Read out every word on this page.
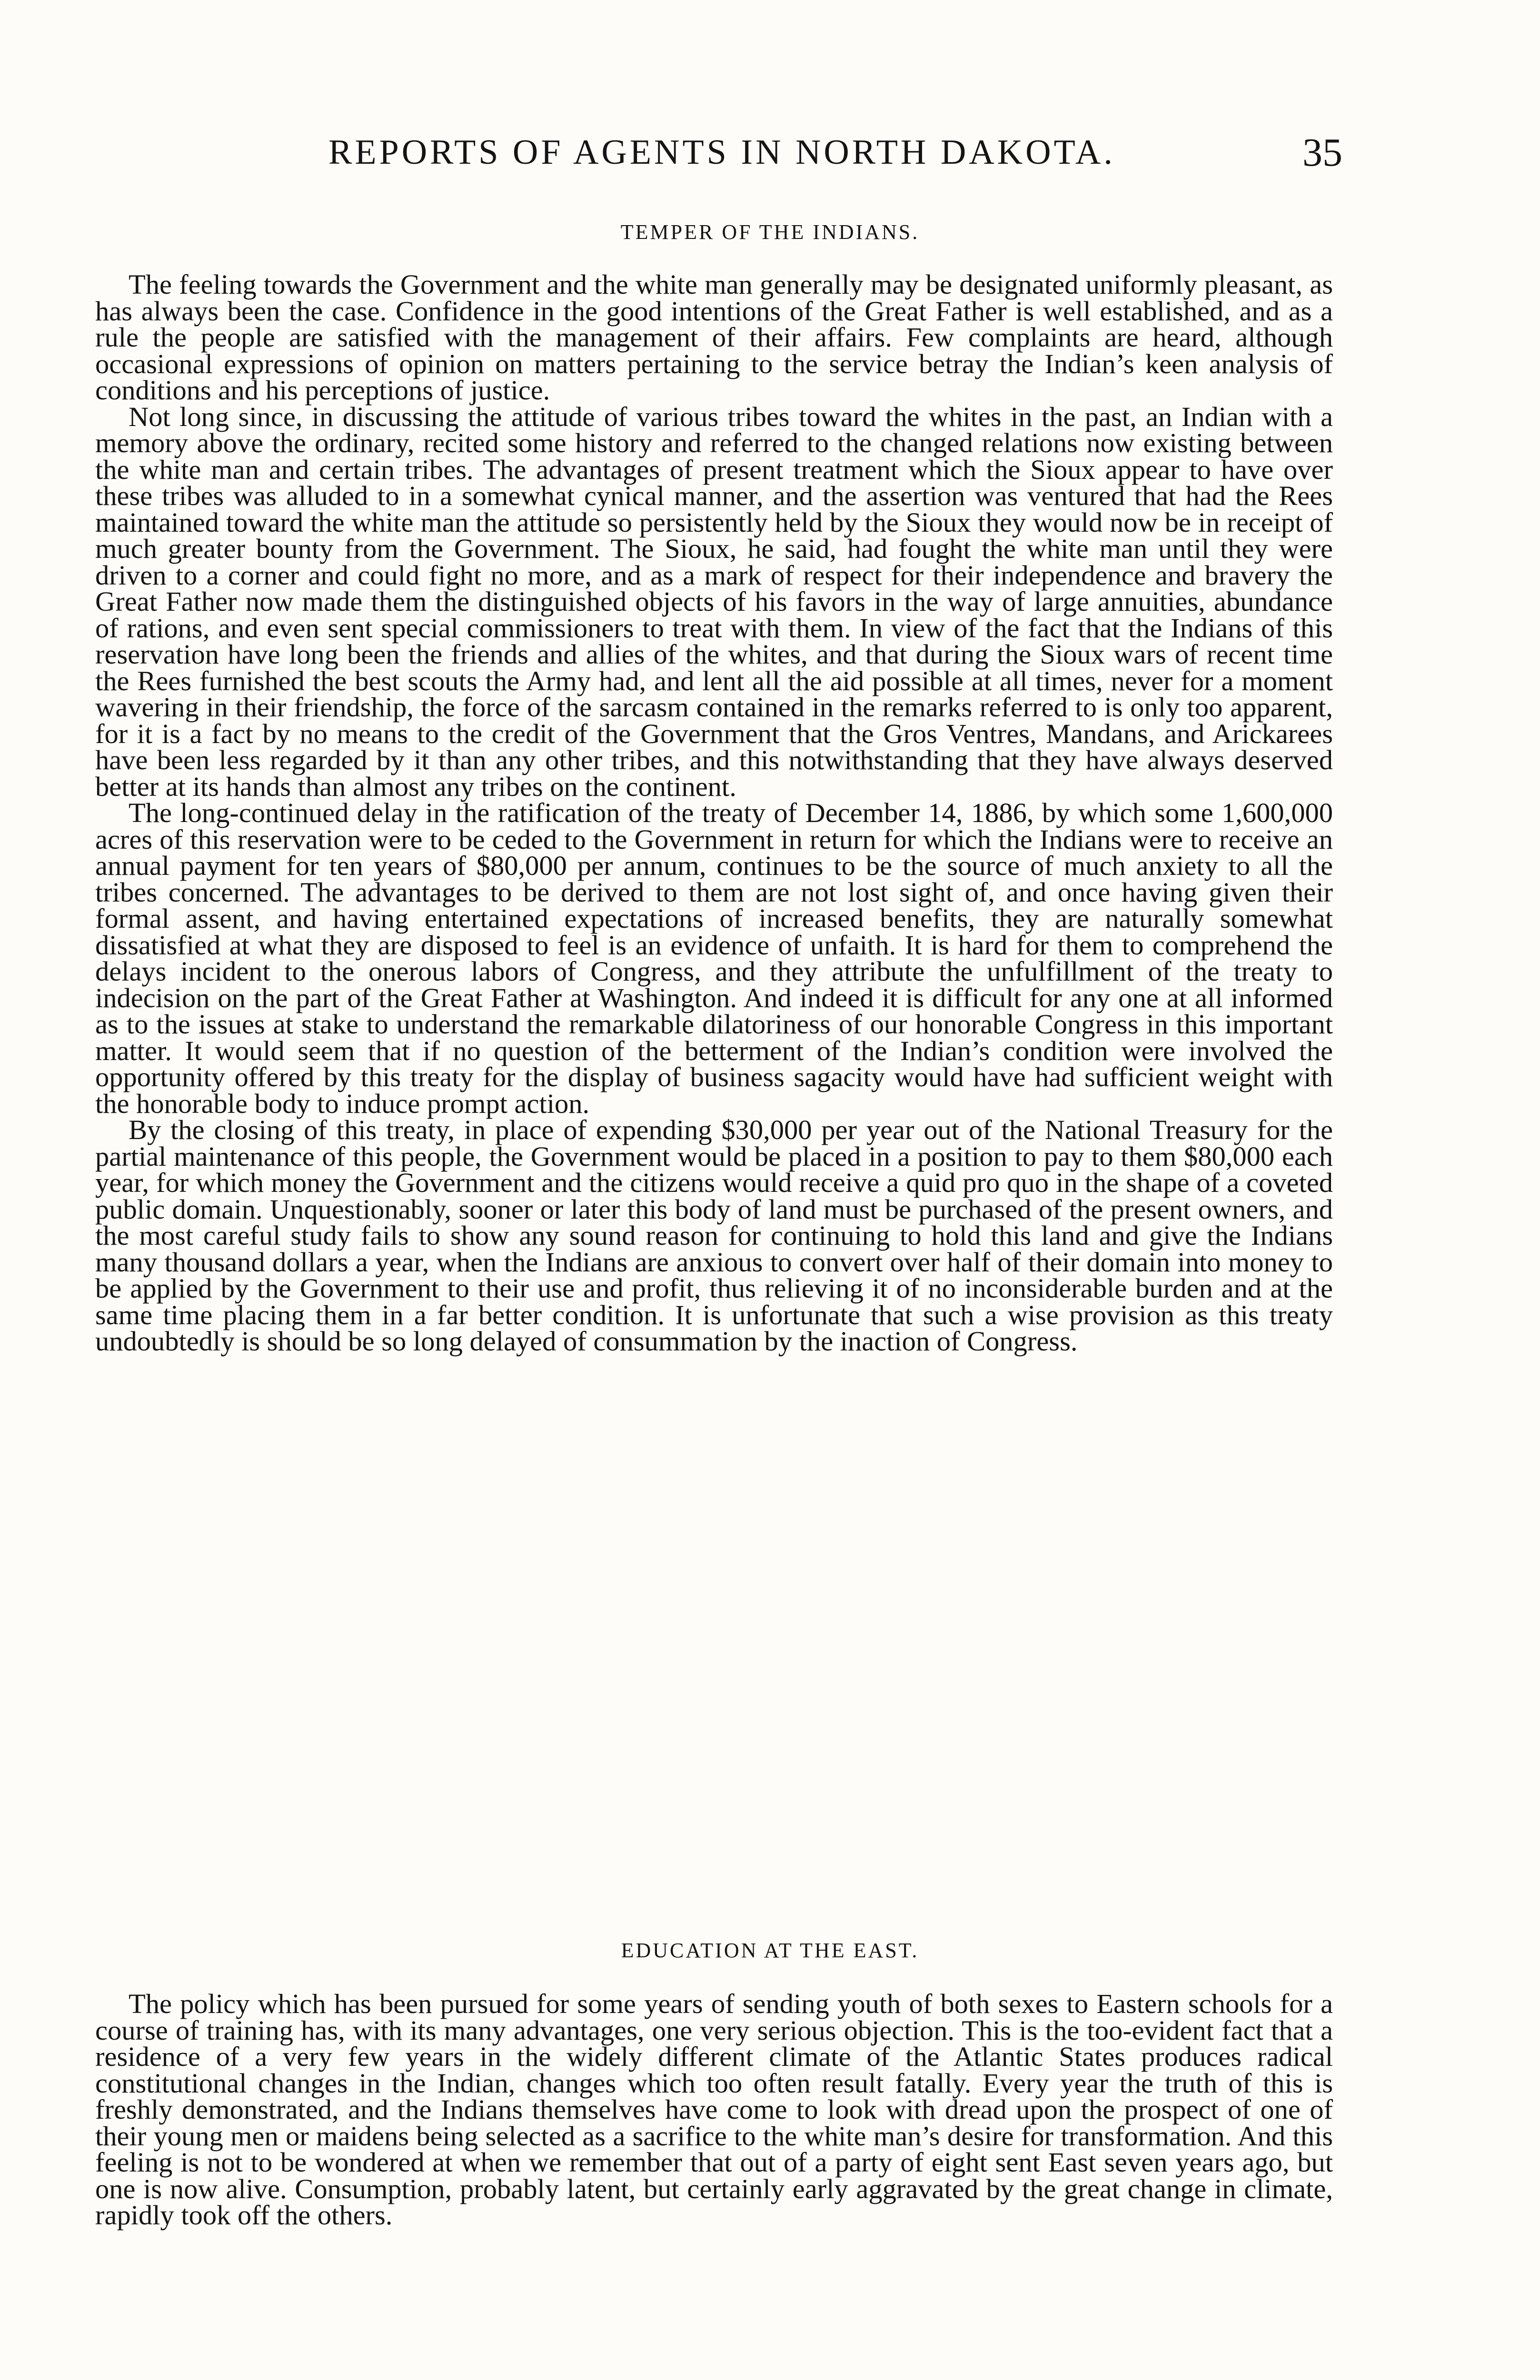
REPORTS OF AGENTS IN NORTH DAKOTA.	35
TEMPER OF THE INDIANS.

The feeling towards the Government and the white man generally may be designated uniformly pleasant, as has always been the case. Confidence in the good intentions of the Great Father is well established, and as a rule the people are satisfied with the management of their affairs. Few complaints are heard, although occasional expressions of opinion on matters pertaining to the service betray the Indian’s keen analysis of conditions and his perceptions of justice.

Not long since, in discussing the attitude of various tribes toward the whites in the past, an Indian with a memory above the ordinary, recited some history and referred to the changed relations now existing between the white man and certain tribes. The advantages of present treatment which the Sioux appear to have over these tribes was alluded to in a somewhat cynical manner, and the assertion was ventured that had the Rees maintained toward the white man the attitude so persistently held by the Sioux they would now be in receipt of much greater bounty from the Government. The Sioux, he said, had fought the white man until they were driven to a corner and could fight no more, and as a mark of respect for their independence and bravery the Great Father now made them the distinguished objects of his favors in the way of large annuities, abundance of rations, and even sent special commissioners to treat with them. In view of the fact that the Indians of this reservation have long been the friends and allies of the whites, and that during the Sioux wars of recent time the Rees furnished the best scouts the Army had, and lent all the aid possible at all times, never for a moment wavering in their friendship, the force of the sarcasm contained in the remarks referred to is only too apparent, for it is a fact by no means to the credit of the Government that the Gros Ventres, Mandans, and Arickarees have been less regarded by it than any other tribes, and this notwithstanding that they have always deserved better at its hands than almost any tribes on the continent.

The long-continued delay in the ratification of the treaty of December 14, 1886, by which some 1,600,000 acres of this reservation were to be ceded to the Government in return for which the Indians were to receive an annual payment for ten years of $80,000 per annum, continues to be the source of much anxiety to all the tribes concerned. The advantages to be derived to them are not lost sight of, and once having given their formal assent, and having entertained expectations of increased benefits, they are naturally somewhat dissatisfied at what they are disposed to feel is an evidence of unfaith. It is hard for them to comprehend the delays incident to the onerous labors of Congress, and they attribute the unfulfillment of the treaty to indecision on the part of the Great Father at Washington. And indeed it is difficult for any one at all informed as to the issues at stake to understand the remarkable dilatoriness of our honorable Congress in this important matter. It would seem that if no question of the betterment of the Indian’s condition were involved the opportunity offered by this treaty for the display of business sagacity would have had sufficient weight with the honorable body to induce prompt action.

By the closing of this treaty, in place of expending $30,000 per year out of the National Treasury for the partial maintenance of this people, the Government would be placed in a position to pay to them $80,000 each year, for which money the Government and the citizens would receive a quid pro quo in the shape of a coveted public domain. Unquestionably, sooner or later this body of land must be purchased of the present owners, and the most careful study fails to show any sound reason for continuing to hold this land and give the Indians many thousand dollars a year, when the Indians are anxious to convert over half of their domain into money to be applied by the Government to their use and profit, thus relieving it of no inconsiderable burden and at the same time placing them in a far better condition. It is unfortunate that such a wise provision as this treaty undoubtedly is should be so long delayed of consummation by the inaction of Congress.

EDUCATION AT THE EAST.

The policy which has been pursued for some years of sending youth of both sexes to Eastern schools for a course of training has, with its many advantages, one very serious objection. This is the too-evident fact that a residence of a very few years in the widely different climate of the Atlantic States produces radical constitutional changes in the Indian, changes which too often result fatally. Every year the truth of this is freshly demonstrated, and the Indians themselves have come to look with dread upon the prospect of one of their young men or maidens being selected as a sacrifice to the white man’s desire for transformation. And this feeling is not to be wondered at when we remember that out of a party of eight sent East seven years ago, but one is now alive. Consumption, probably latent, but certainly early aggravated by the great change in climate, rapidly took off the others.
